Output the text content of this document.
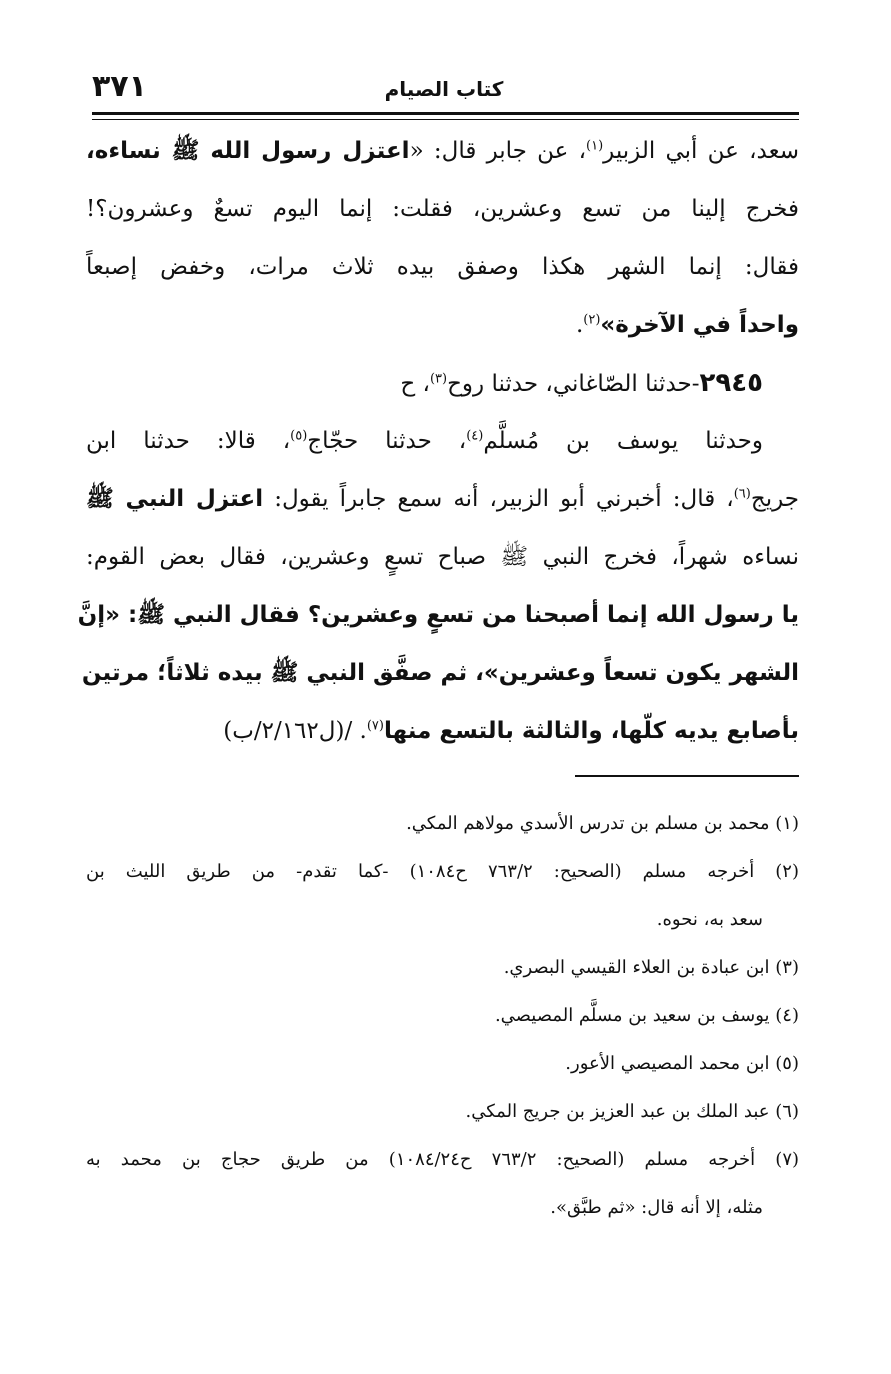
٣٧١	كتاب الصيام
سعد، عن أبي الزبير$^{(١)}$، عن جابر قال: «اعتزل رسول الله ﷺ نساءه،
فخرج إلينا من تسع وعشرين، فقلت: إنما اليوم تسعٌ وعشرون؟!
فقال: إنما الشهر هكذا وصفق بيده ثلاث مرات، وخفض إصبعاً
واحداً في الآخرة»$^{(٢)}$.
٢٩٤٥-حدثنا الصّاغاني، حدثنا روح$^{(٣)}$، ح
وحدثنا يوسف بن مُسلَّم$^{(٤)}$، حدثنا حجّاج$^{(٥)}$، قالا: حدثنا ابن
جريج$^{(٦)}$، قال: أخبرني أبو الزبير، أنه سمع جابراً يقول: اعتزل النبي ﷺ
نساءه شهراً، فخرج النبي ﷺ صباح تسعٍ وعشرين، فقال بعض القوم:
يا رسول الله إنما أصبحنا من تسعٍ وعشرين؟ فقال النبي ﷺ: «إنَّ
الشهر يكون تسعاً وعشرين»، ثم صفَّق النبي ﷺ بيده ثلاثاً؛ مرتين
بأصابع يديه كلّها، والثالثة بالتسع منها$^{(٧)}$. /(ل٢/١٦٢/ب)
(١) محمد بن مسلم بن تدرس الأسدي مولاهم المكي.
(٢) أخرجه مسلم (الصحيح: ٧٦٣/٢ ح١٠٨٤) -كما تقدم- من طريق الليث بن
سعد به، نحوه.
(٣) ابن عبادة بن العلاء القيسي البصري.
(٤) يوسف بن سعيد بن مسلَّم المصيصي.
(٥) ابن محمد المصيصي الأعور.
(٦) عبد الملك بن عبد العزيز بن جريج المكي.
(٧) أخرجه مسلم (الصحيح: ٧٦٣/٢ ح١٠٨٤/٢٤) من طريق حجاج بن محمد به
مثله، إلا أنه قال: «ثم طبَّق».
